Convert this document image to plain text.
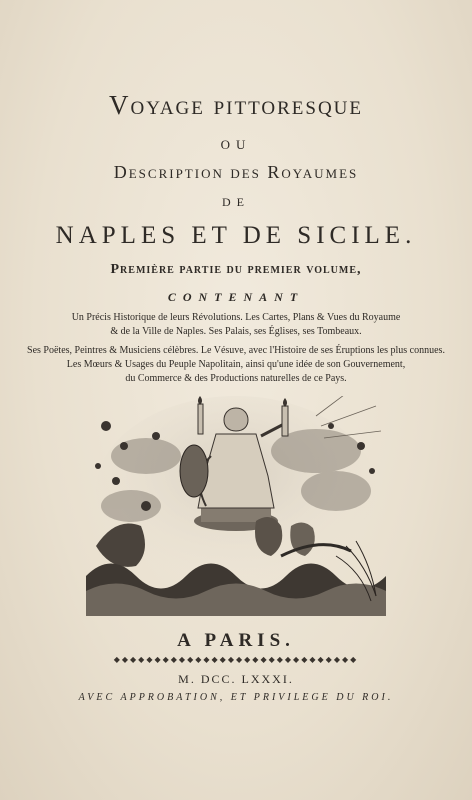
Voyage pittoresque
OU
Description des Royaumes
DE
NAPLES ET DE SICILE.
Première partie du premier volume,
CONTENANT
Un Précis Historique de leurs Révolutions. Les Cartes, Plans & Vues du Royaume
& de la Ville de Naples. Ses Palais, ses Églises, ses Tombeaux.
Ses Poëtes, Peintres & Musiciens célèbres. Le Vésuve, avec l'Histoire de ses Éruptions les plus connues.
Les Mœurs & Usages du Peuple Napolitain, ainsi qu'une idée de son Gouvernement,
du Commerce & des Productions naturelles de ce Pays.
A PARIS.
◆◆◆◆◆◆◆◆◆◆◆◆◆◆◆◆◆◆◆◆◆◆◆◆◆◆◆◆◆◆
M. DCC. LXXXI.
AVEC APPROBATION, ET PRIVILEGE DU ROI.
